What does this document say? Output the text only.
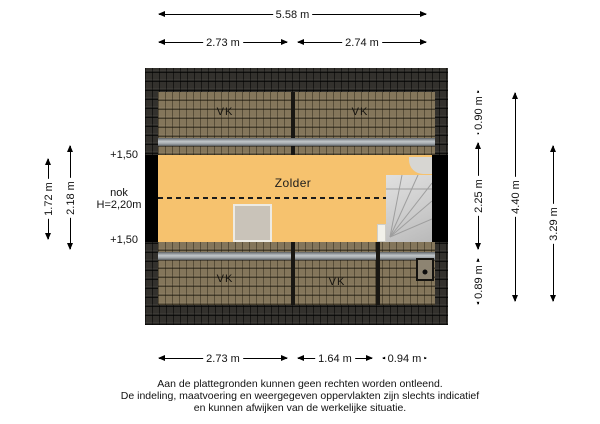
VK	VK
Zolder
VK	VK
5.58 m
2.73 m	2.74 m
2.73 m	1.64 m	0.94 m
1.72 m 2.18 m
0.90 m
2.25 m
0.89 m
4.40 m
3.29 m
+1,50
+1,50
nok
H=2,20m
Aan de plattegronden kunnen geen rechten worden ontleend.
De indeling, maatvoering en weergegeven oppervlakten zijn slechts indicatief
en kunnen afwijken van de werkelijke situatie.
